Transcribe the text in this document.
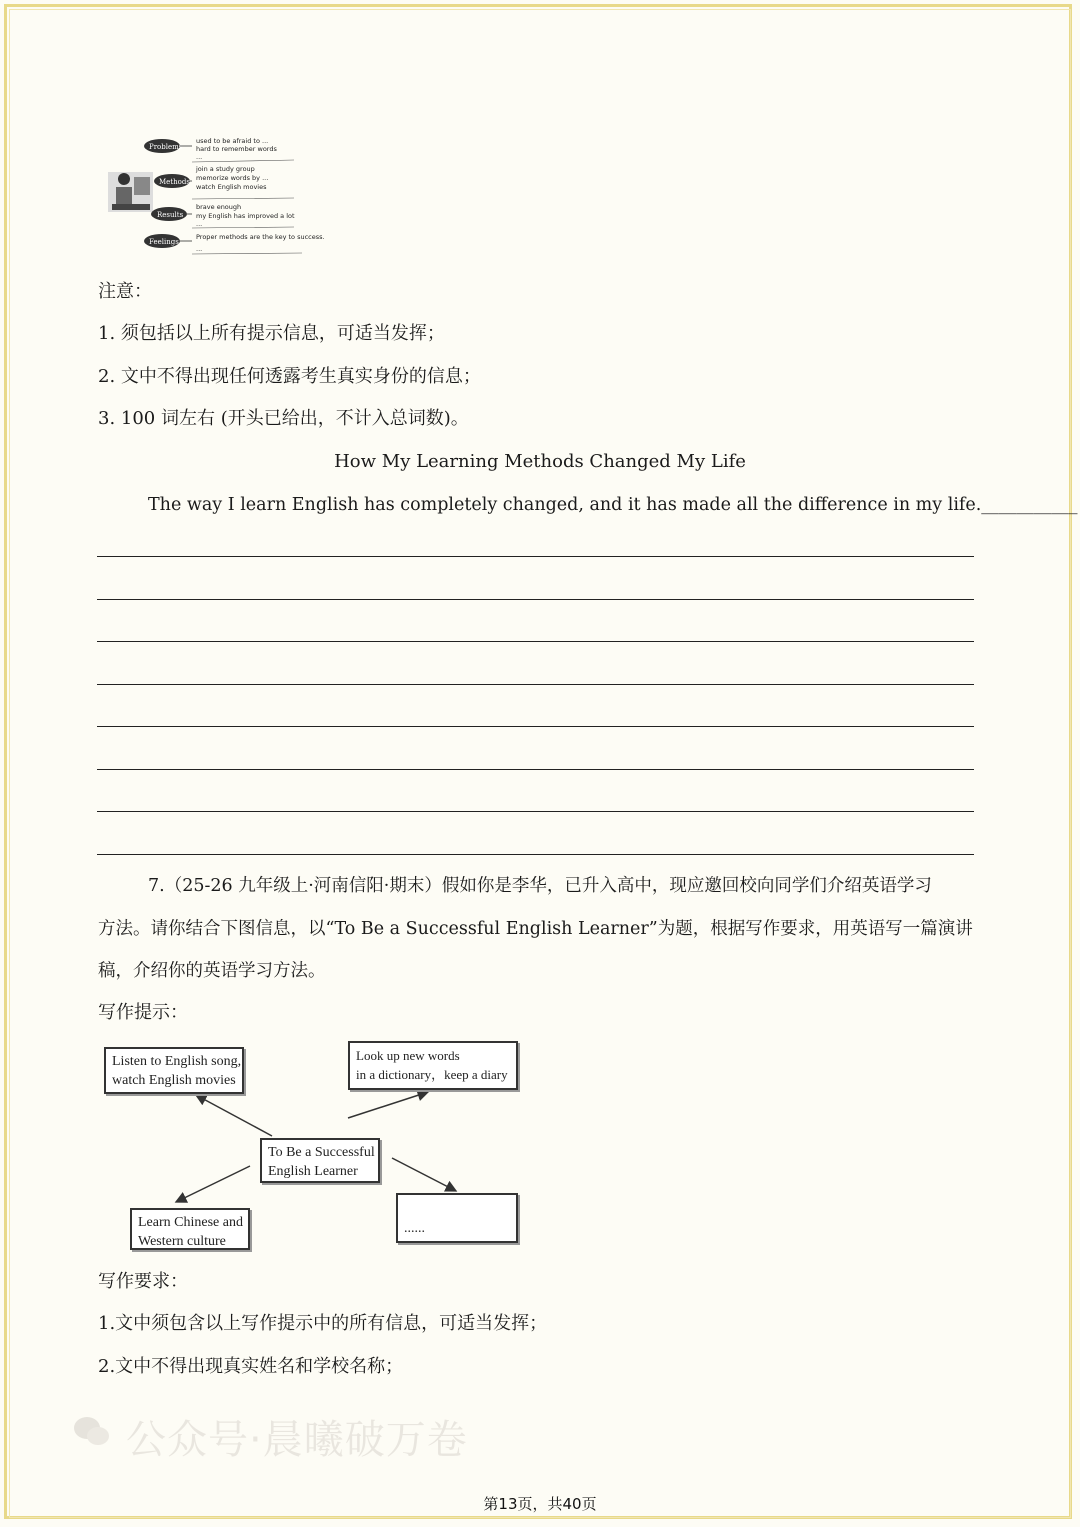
Problems
Methods
Results
Feelings
used to be afraid to ...
hard to remember words
...
join a study group
memorize words by ...
watch English movies
brave enough
my English has improved a lot
...
Proper methods are the key to success.
...
注意：
1. 须包括以上所有提示信息，可适当发挥；
2. 文中不得出现任何透露考生真实身份的信息；
3. 100 词左右 (开头已给出，不计入总词数)。
How My Learning Methods Changed My Life
The way I learn English has completely changed, and it has made all the difference in my life.___________
7.（25-26 九年级上·河南信阳·期末）假如你是李华，已升入高中，现应邀回校向同学们介绍英语学习
方法。请你结合下图信息，以“To Be a Successful English Learner”为题，根据写作要求，用英语写一篇演讲
稿，介绍你的英语学习方法。
写作提示：
Listen to English song,
watch English movies
Look up new words
in a dictionary，keep a diary
To Be a Successful
English Learner
Learn Chinese and
Western culture
......
写作要求：
1.文中须包含以上写作提示中的所有信息，可适当发挥；
2.文中不得出现真实姓名和学校名称；
公众号·晨曦破万卷
第13页，共40页
